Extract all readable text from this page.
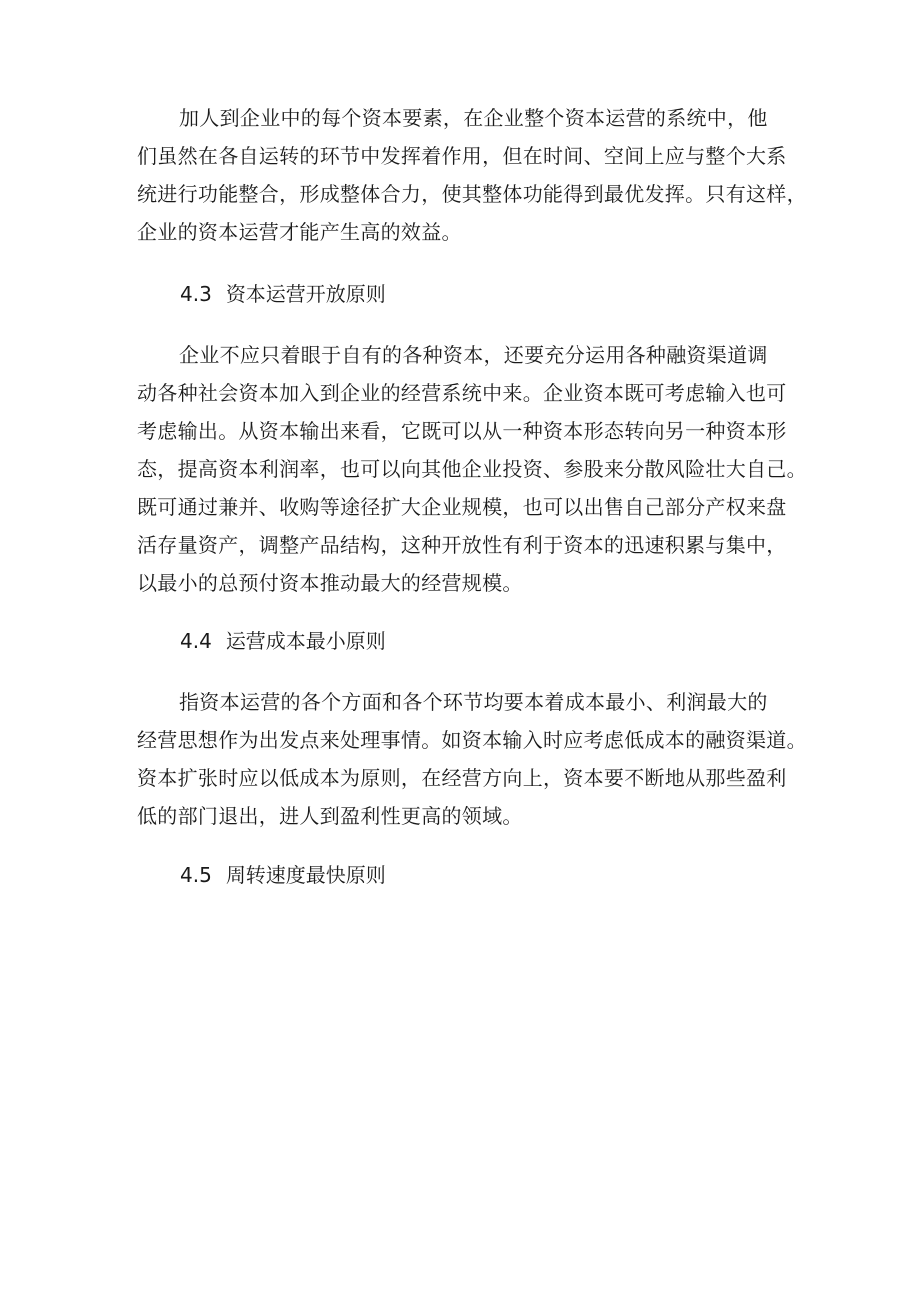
加人到企业中的每个资本要素，在企业整个资本运营的系统中，他
们虽然在各自运转的环节中发挥着作用，但在时间、空间上应与整个大系
统进行功能整合，形成整体合力，使其整体功能得到最优发挥。只有这样，
企业的资本运营才能产生高的效益。

4.3 资本运营开放原则

企业不应只着眼于自有的各种资本，还要充分运用各种融资渠道调
动各种社会资本加入到企业的经营系统中来。企业资本既可考虑输入也可
考虑输出。从资本输出来看，它既可以从一种资本形态转向另一种资本形
态，提高资本利润率，也可以向其他企业投资、参股来分散风险壮大自己。
既可通过兼并、收购等途径扩大企业规模，也可以出售自己部分产权来盘
活存量资产，调整产品结构，这种开放性有利于资本的迅速积累与集中，
以最小的总预付资本推动最大的经营规模。

4.4 运营成本最小原则

指资本运营的各个方面和各个环节均要本着成本最小、利润最大的
经营思想作为出发点来处理事情。如资本输入时应考虑低成本的融资渠道。
资本扩张时应以低成本为原则，在经营方向上，资本要不断地从那些盈利
低的部门退出，进人到盈利性更高的领域。

4.5 周转速度最快原则
